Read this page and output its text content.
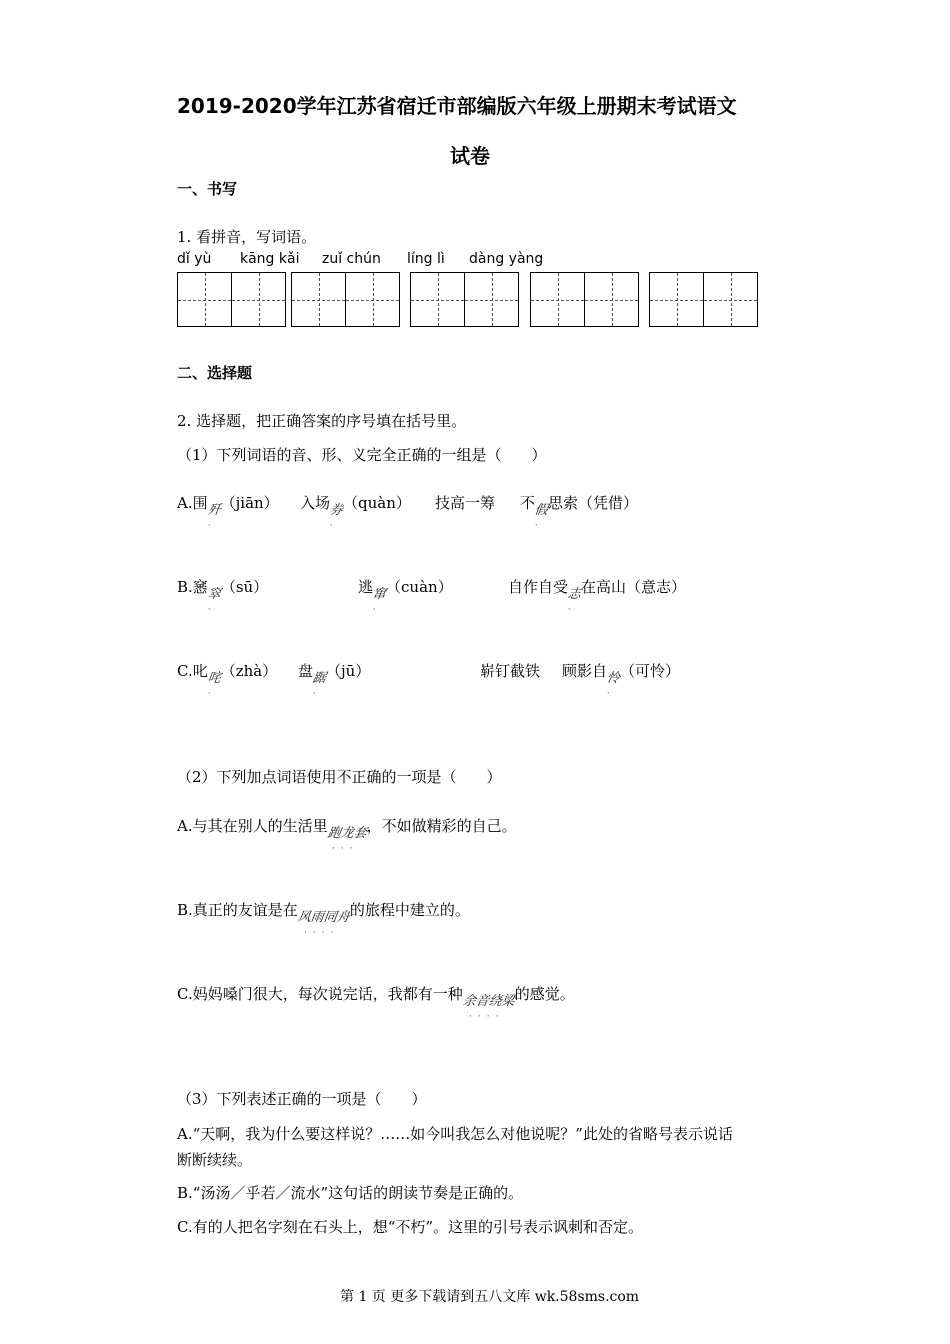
2019-2020学年江苏省宿迁市部编版六年级上册期末考试语文
试卷
一、书写
1. 看拼音，写词语。
dǐ yù kāng kǎi zuǐ chún líng lì dàng yàng
二、选择题
2. 选择题，把正确答案的序号填在括号里。
（1）下列词语的音、形、义完全正确的一组是（　　）
A.围歼
·
（jiān） 入场券
·
（quàn） 技高一筹 不假
·
思索（凭借）
B.窸窣
·
（sū）	逃窜
·
（cuàn）	自作自受志
·
在高山（意志）
C.叱咤
·
（zhà） 盘踞
·
（jū）	崭钉截铁 顾影自怜
·
（可怜）
（2）下列加点词语使用不正确的一项是（　　）
A.与其在别人的生活里跑龙套
···
，不如做精彩的自己。
B.真正的友谊是在风雨同舟
····
的旅程中建立的。
C.妈妈嗓门很大，每次说完话，我都有一种余音绕梁
····
的感觉。
（3）下列表述正确的一项是（　　）
A.“天啊，我为什么要这样说？……如今叫我怎么对他说呢？”此处的省略号表示说话
断断续续。
B.“汤汤／乎若／流水”这句话的朗读节奏是正确的。
C.有的人把名字刻在石头上，想“不朽”。这里的引号表示讽刺和否定。
第 1 页 更多下载请到五八文库 wk.58sms.com
